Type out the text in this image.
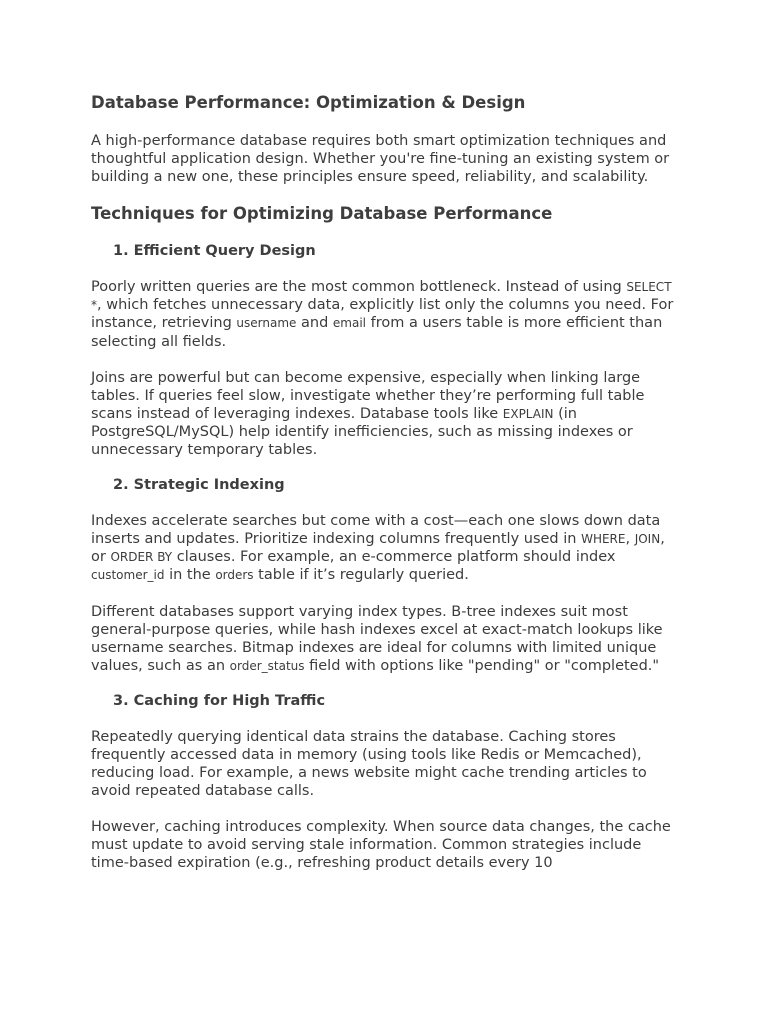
Database Performance: Optimization & Design

A high-performance database requires both smart optimization techniques and thoughtful application design. Whether you're fine-tuning an existing system or building a new one, these principles ensure speed, reliability, and scalability.

Techniques for Optimizing Database Performance
1. Efficient Query Design

Poorly written queries are the most common bottleneck. Instead of using SELECT *, which fetches unnecessary data, explicitly list only the columns you need. For instance, retrieving username and email from a users table is more efficient than selecting all fields.

Joins are powerful but can become expensive, especially when linking large tables. If queries feel slow, investigate whether they’re performing full table scans instead of leveraging indexes. Database tools like EXPLAIN (in PostgreSQL/MySQL) help identify inefficiencies, such as missing indexes or unnecessary temporary tables.

2. Strategic Indexing

Indexes accelerate searches but come with a cost—each one slows down data inserts and updates. Prioritize indexing columns frequently used in WHERE, JOIN, or ORDER BY clauses. For example, an e-commerce platform should index customer_id in the orders table if it’s regularly queried.

Different databases support varying index types. B-tree indexes suit most general-purpose queries, while hash indexes excel at exact-match lookups like username searches. Bitmap indexes are ideal for columns with limited unique values, such as an order_status field with options like "pending" or "completed."

3. Caching for High Traffic

Repeatedly querying identical data strains the database. Caching stores frequently accessed data in memory (using tools like Redis or Memcached), reducing load. For example, a news website might cache trending articles to avoid repeated database calls.

However, caching introduces complexity. When source data changes, the cache must update to avoid serving stale information. Common strategies include time-based expiration (e.g., refreshing product details every 10
